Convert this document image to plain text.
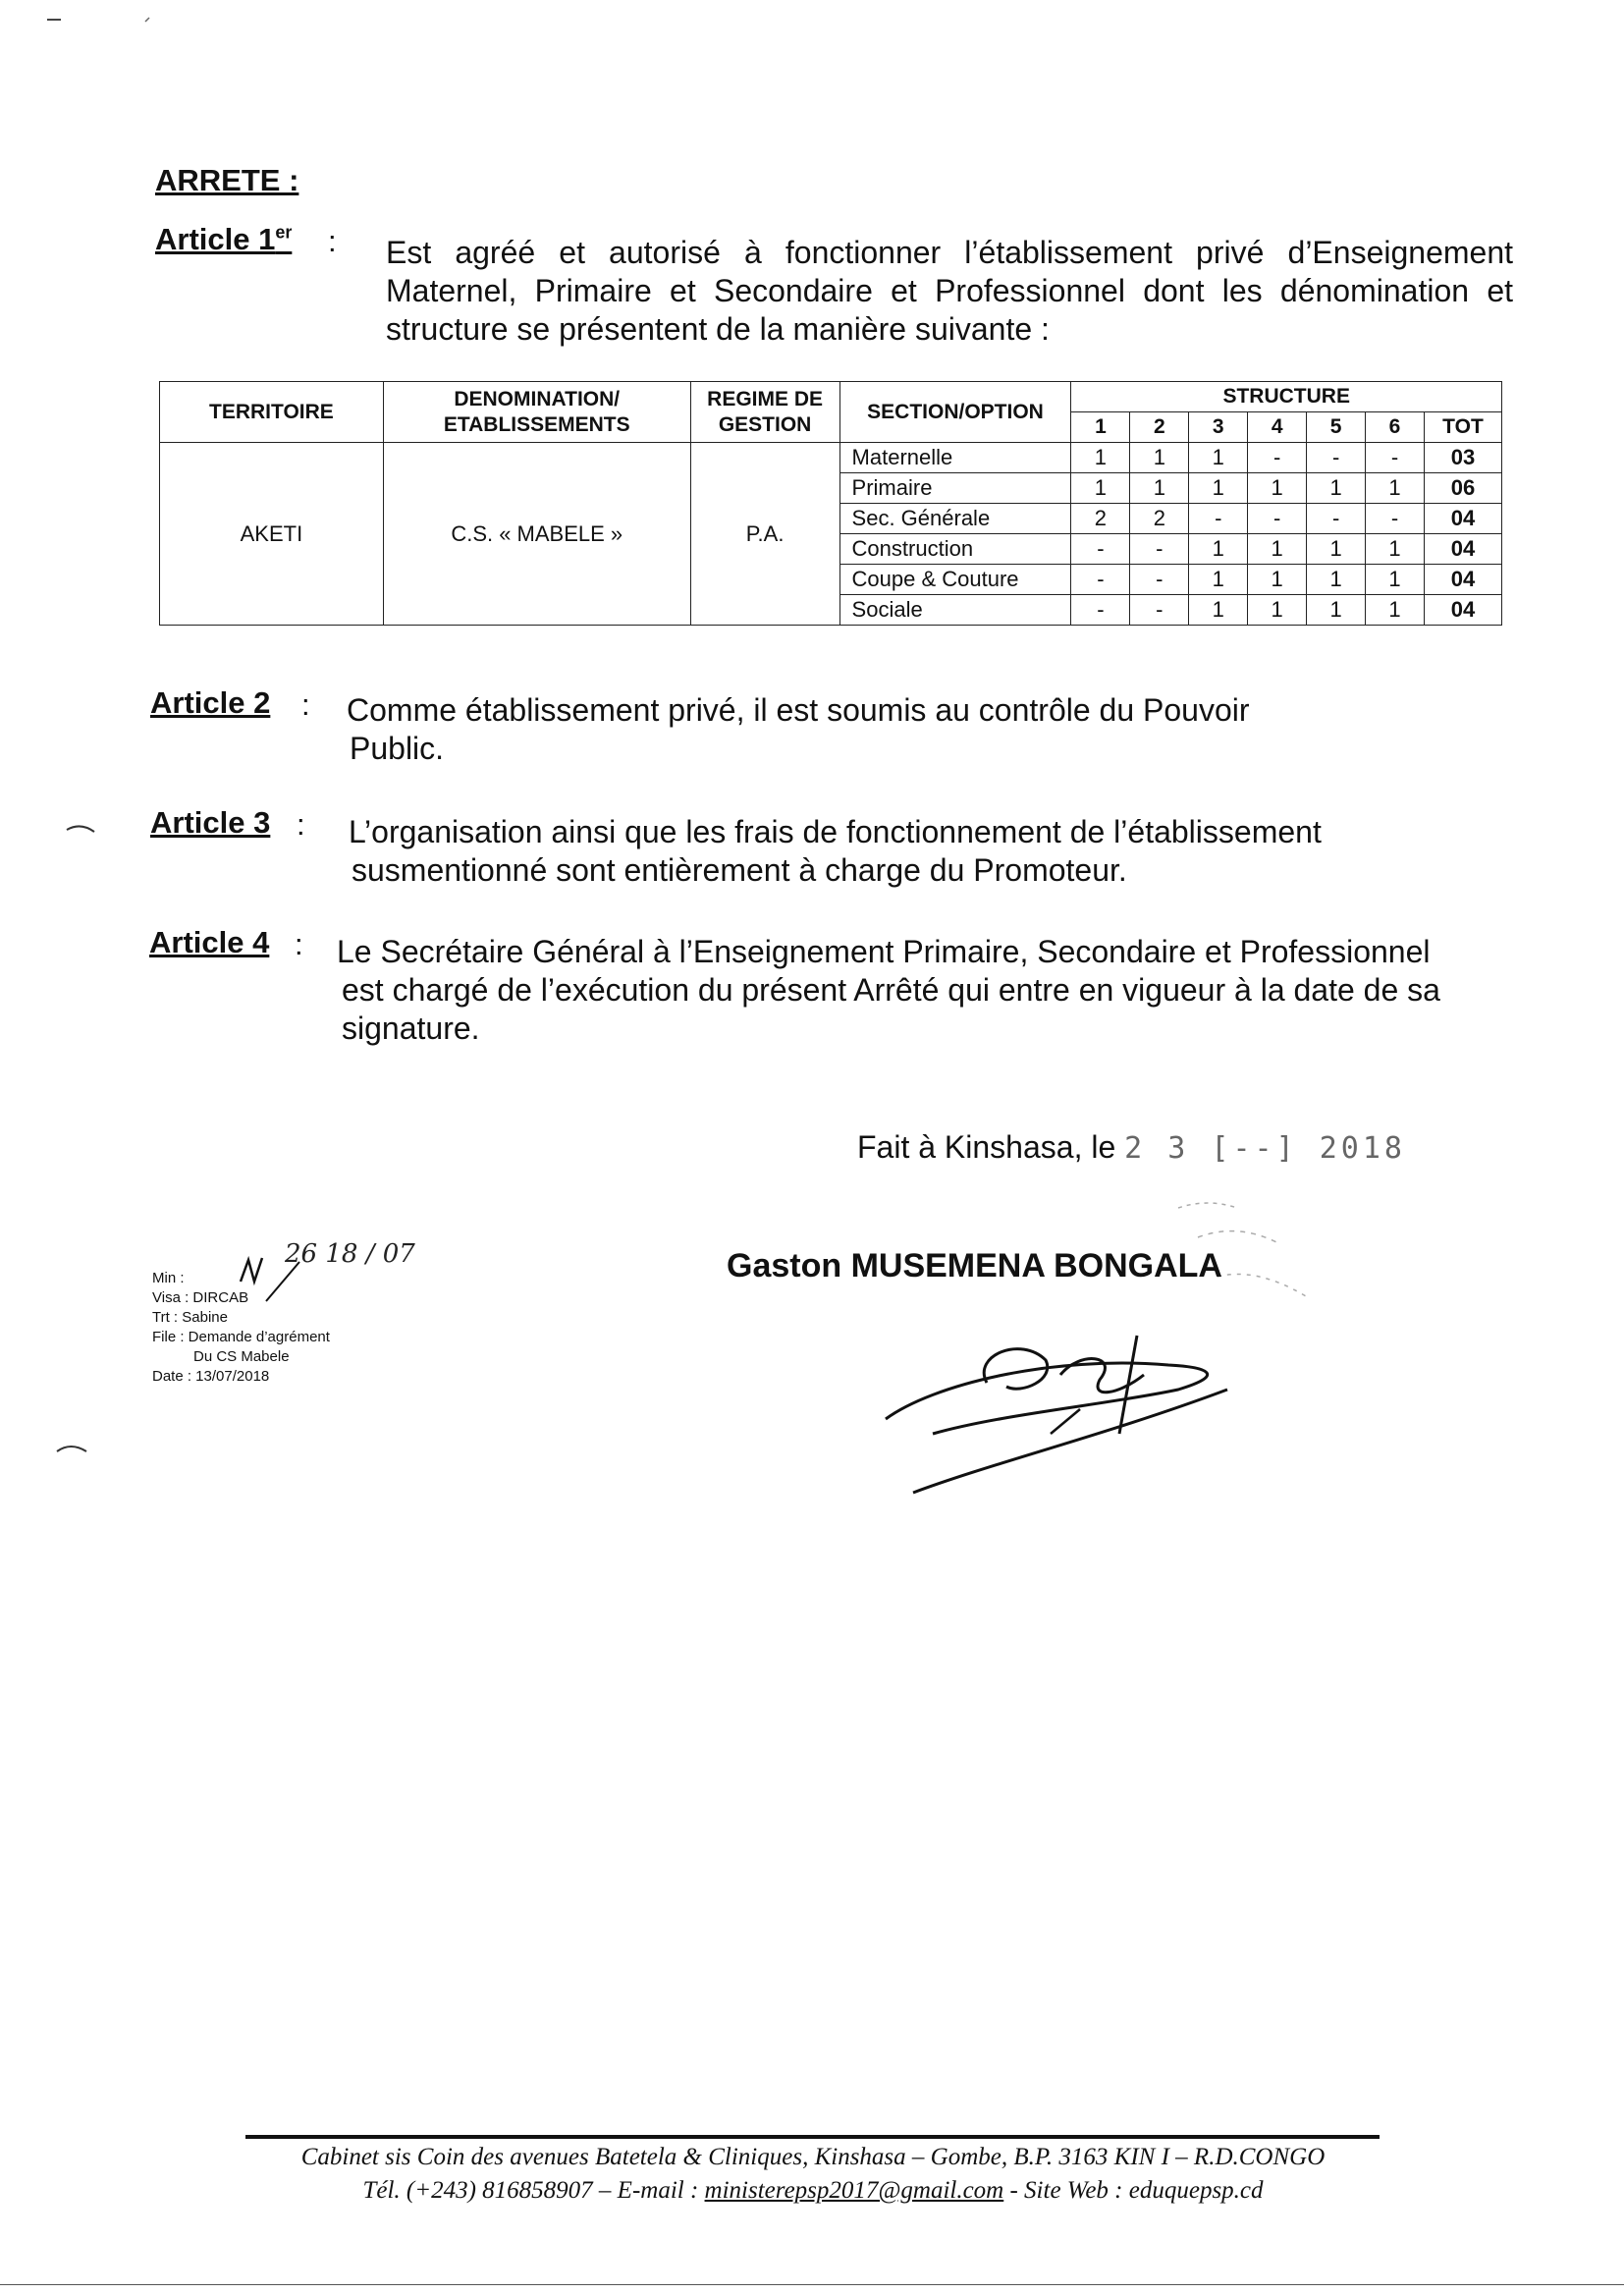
ARRETE :
Article 1er : Est agréé et autorisé à fonctionner l’établissement privé d’Enseignement
Maternel, Primaire et Secondaire et Professionnel dont les dénomination et
structure se présentent de la manière suivante :
TERRITOIRE	DENOMINATION/ ETABLISSEMENTS	REGIME DE GESTION	SECTION/OPTION	STRUCTURE						
				1	2	3	4	5	6	TOT
AKETI	C.S. « MABELE »	P.A.	Maternelle	1	1	1	-	-	-	03
			Primaire	1	1	1	1	1	1	06
			Sec. Générale	2	2	-	-	-	-	04
			Construction	-	-	1	1	1	1	04
			Coupe & Couture	-	-	1	1	1	1	04
			Sociale	-	-	1	1	1	1	04
Article 2 : Comme établissement privé, il est soumis au contrôle du Pouvoir
Public.
Article 3 : L’organisation ainsi que les frais de fonctionnement de l’établissement
susmentionné sont entièrement à charge du Promoteur.
Article 4 : Le Secrétaire Général à l’Enseignement Primaire, Secondaire et Professionnel
est chargé de l’exécution du présent Arrêté qui entre en vigueur à la date de sa
signature.
Fait à Kinshasa, le 2 3 [--] 2018
Gaston MUSEMENA BONGALA
26 18 / 07
Min :
Visa : DIRCAB
Trt : Sabine
File : Demande d’agrément
Du CS Mabele
Date : 13/07/2018
Cabinet sis Coin des avenues Batetela & Cliniques, Kinshasa – Gombe, B.P. 3163 KIN I – R.D.CONGO
Tél. (+243) 816858907 – E-mail : ministerepsp2017@gmail.com - Site Web : eduquepsp.cd
